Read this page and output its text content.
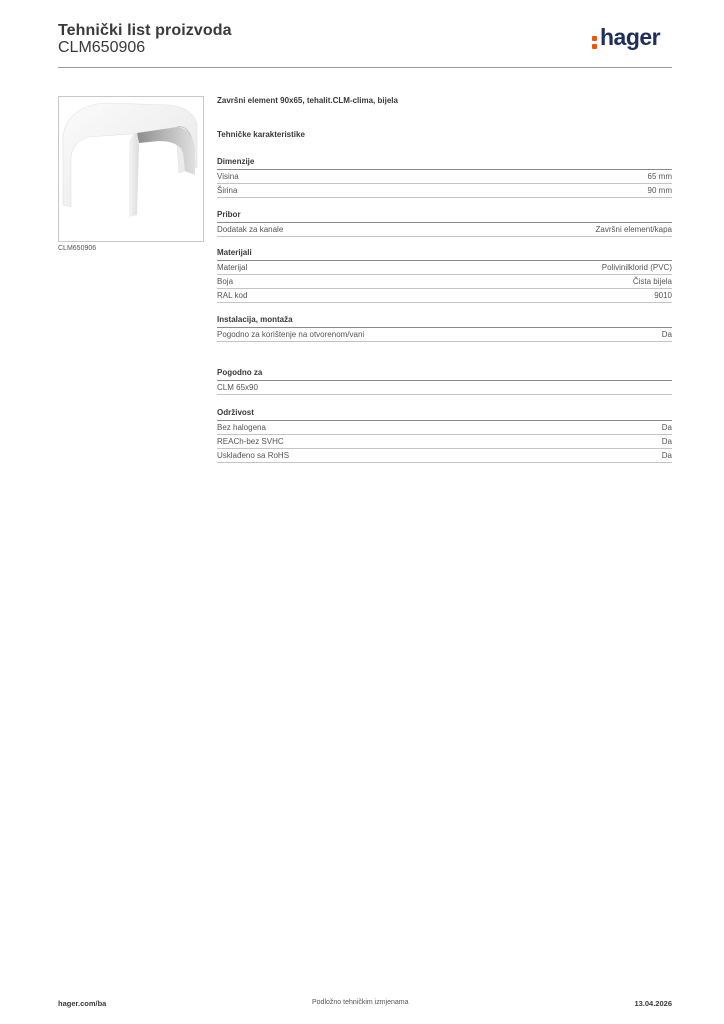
Tehnički list proizvoda
CLM650906	hager
CLM650906
Završni element 90x65, tehalit.CLM-clima, bijela
Tehničke karakteristike
Dimenzije
Visina	65 mm
Širina	90 mm
Pribor
Dodatak za kanale	Završni element/kapa
Materijali
Materijal	Polivinilklorid (PVC)
Boja	Čista bijela
RAL kod	9010
Instalacija, montaža
Pogodno za korištenje na otvorenom/vani	Da
Pogodno za
CLM 65x90
Održivost
Bez halogena	Da
REACh-bez SVHC	Da
Usklađeno sa RoHS	Da
hager.com/ba	Podložno tehničkim izmjenama	13.04.2026
